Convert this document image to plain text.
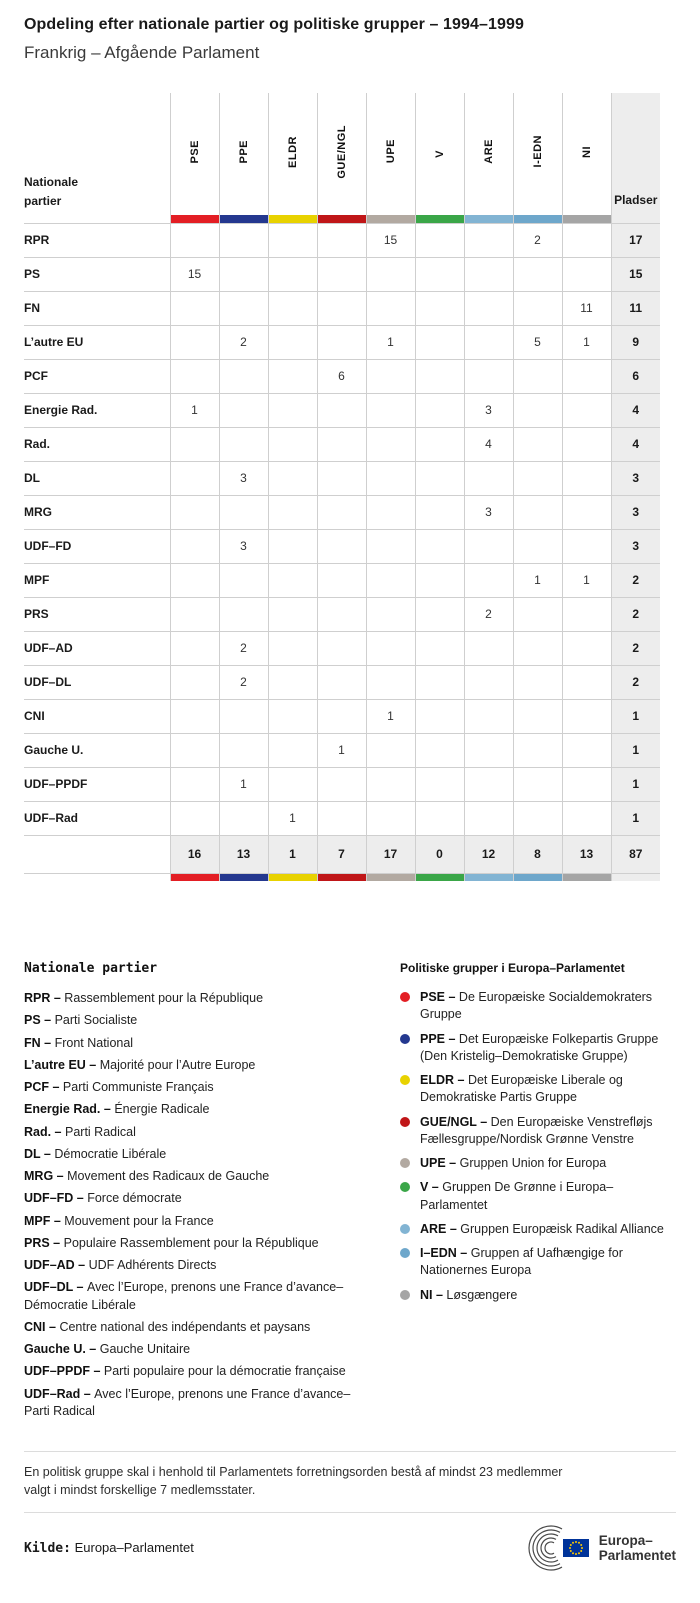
Opdeling efter nationale partier og politiske grupper – 1994–1999
Frankrig – Afgående Parlament
Nationale partier	PSE	PPE	ELDR	GUE/NGL	UPE	V	ARE	I-EDN	NI	Pladser

RPR					15			2		17
PS	15									15
FN									11	11
L’autre EU		2			1			5	1	9
PCF				6						6
Energie Rad.	1						3			4
Rad.							4			4
DL		3								3
MRG							3			3
UDF–FD		3								3
MPF								1	1	2
PRS							2			2
UDF–AD		2								2
UDF–DL		2								2
CNI					1					1
Gauche U.				1						1
UDF–PPDF		1								1
UDF–Rad			1							1
	16	13	1	7	17	0	12	8	13	87

Nationale partier

RPR – Rassemblement pour la République

PS – Parti Socialiste

FN – Front National

L’autre EU – Majorité pour l’Autre Europe

PCF – Parti Communiste Français

Energie Rad. – Énergie Radicale

Rad. – Parti Radical

DL – Démocratie Libérale

MRG – Movement des Radicaux de Gauche

UDF–FD – Force démocrate

MPF – Mouvement pour la France

PRS – Populaire Rassemblement pour la République

UDF–AD – UDF Adhérents Directs

UDF–DL – Avec l’Europe, prenons une France d’avance– Démocratie Libérale

CNI – Centre national des indépendants et paysans

Gauche U. – Gauche Unitaire

UDF–PPDF – Parti populaire pour la démocratie française

UDF–Rad – Avec l’Europe, prenons une France d’avance–Parti Radical

Politiske grupper i Europa–Parlamentet
PSE – De Europæiske Socialdemokraters Gruppe
PPE – Det Europæiske Folkepartis Gruppe (Den Kristelig–Demokratiske Gruppe)
ELDR – Det Europæiske Liberale og Demokratiske Partis Gruppe
GUE/NGL – Den Europæiske Venstrefløjs Fællesgruppe/Nordisk Grønne Venstre
UPE – Gruppen Union for Europa
V – Gruppen De Grønne i Europa–Parlamentet
ARE – Gruppen Europæisk Radikal Alliance
I–EDN – Gruppen af Uafhængige for Nationernes Europa
NI – Løsgængere
En politisk gruppe skal i henhold til Parlamentets forretningsorden bestå af mindst 23 medlemmer valgt i mindst forskellige 7 medlemsstater.
Kilde: Europa–Parlamentet	Europa–
Parlamentet
